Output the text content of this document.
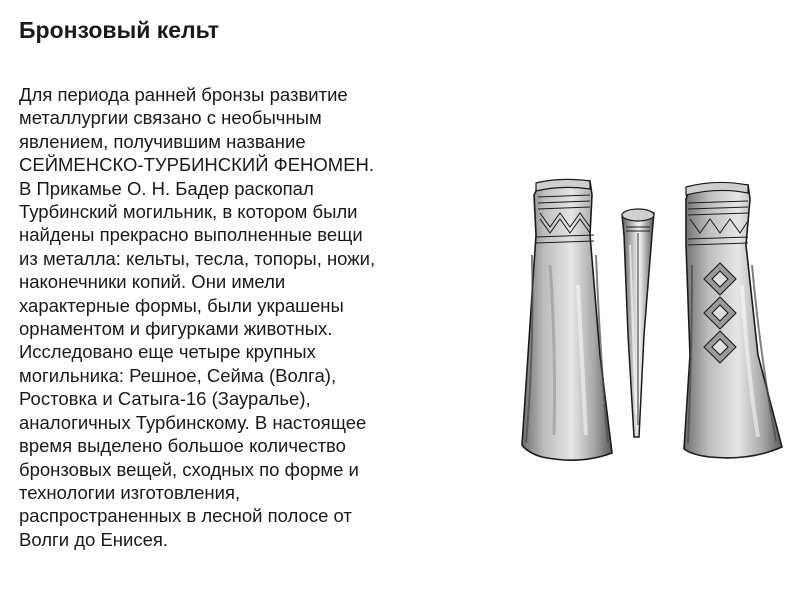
Бронзовый кельт
Для периода ранней бронзы развитие
металлургии связано с необычным
явлением, получившим название
СЕЙМЕНСКО-ТУРБИНСКИЙ ФЕНОМЕН.
В Прикамье О. Н. Бадер раскопал
Турбинский могильник, в котором были
найдены прекрасно выполненные вещи
из металла: кельты, тесла, топоры, ножи,
наконечники копий. Они имели
характерные формы, были украшены
орнаментом и фигурками животных.
Исследовано еще четыре крупных
могильника: Решное, Сейма (Волга),
Ростовка и Сатыга-16 (Зауралье),
аналогичных Турбинскому. В настоящее
время выделено большое количество
бронзовых вещей, сходных по форме и
технологии изготовления,
распространенных в лесной полосе от
Волги до Енисея.
